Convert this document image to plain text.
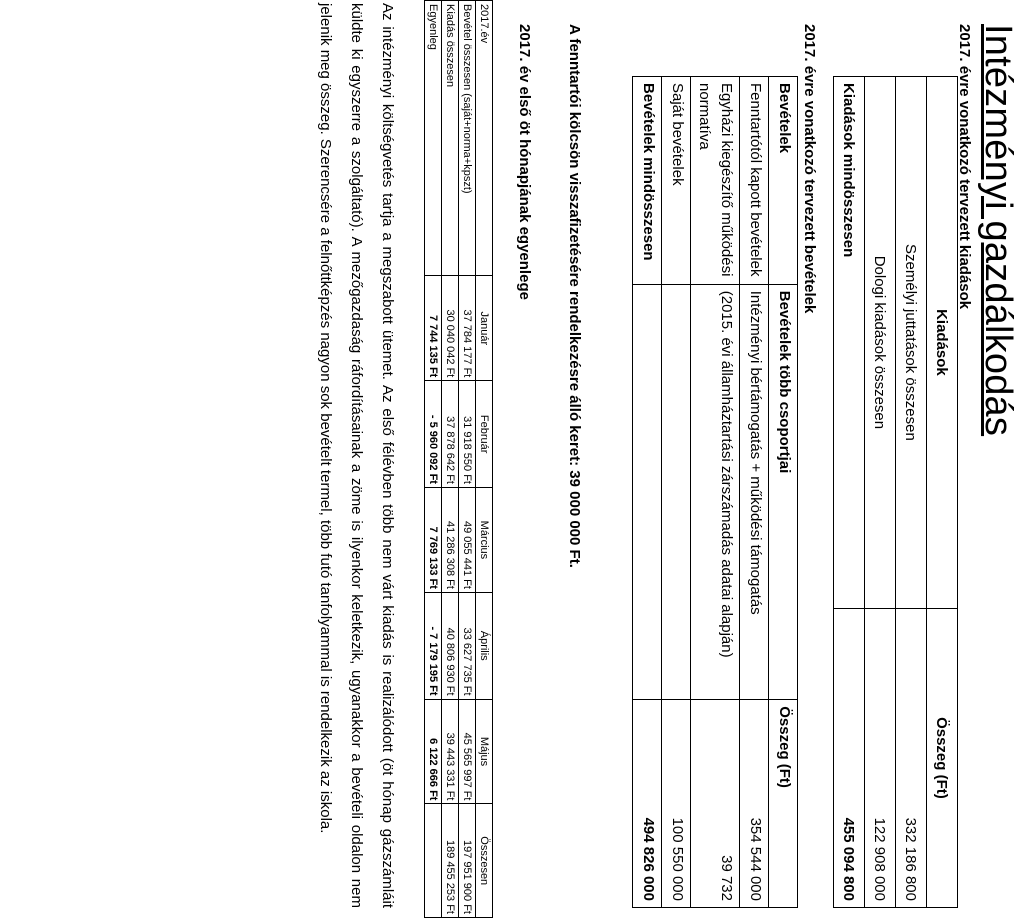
Intézményi gazdálkodás

2017. évre vonatkozó tervezett kiadások

Kiadások	Összeg (Ft)
Személyi juttatások összesen	332 186 800
Dologi kiadások összesen	122 908 000
Kiadások mindösszesen	455 094 800

2017. évre vonatkozó tervezett bevételek

Bevételek	Bevételek több csoportjai	Összeg (Ft)
Fenntartótól kapott bevételek	Intézményi bértámogatás + működési támogatás	354 544 000
Egyházi kiegészítő működési normatíva	(2015. évi államháztartási zárszámadás adatai alapján)	39 732
Saját bevételek		100 550 000
Bevételek mindösszesen		494 826 000

A fenntartói kölcsön visszafizetésére rendelkezésre álló keret: 39 000 000 Ft.

2017. év első öt hónapjának egyenlege

2017.év	Január	Február	Március	Április	Május	Összesen
Bevétel összesen (saját+norma+kpszt)	37 784 177 Ft	31 918 550 Ft	49 055 441 Ft	33 627 735 Ft	45 565 997 Ft	197 951 900 Ft
Kiadás összesen	30 040 042 Ft	37 878 642 Ft	41 286 308 Ft	40 806 930 Ft	39 443 331 Ft	189 455 253 Ft
Egyenleg	7 744 135 Ft	- 5 960 092 Ft	7 769 133 Ft	- 7 179 195 Ft	6 122 666 Ft	

Az intézményi költségvetés tartja a megszabott ütemet. Az első félévben több nem várt kiadás is realizálódott (öt hónap gázszámláit küldte ki egyszerre a szolgáltató). A mezőgazdaság ráfordításainak a zöme is ilyenkor keletkezik, ugyanakkor a bevételi oldalon nem jelenik meg összeg. Szerencsére a felnőttképzés nagyon sok bevételt termel, több futó tanfolyammal is rendelkezik az iskola.
